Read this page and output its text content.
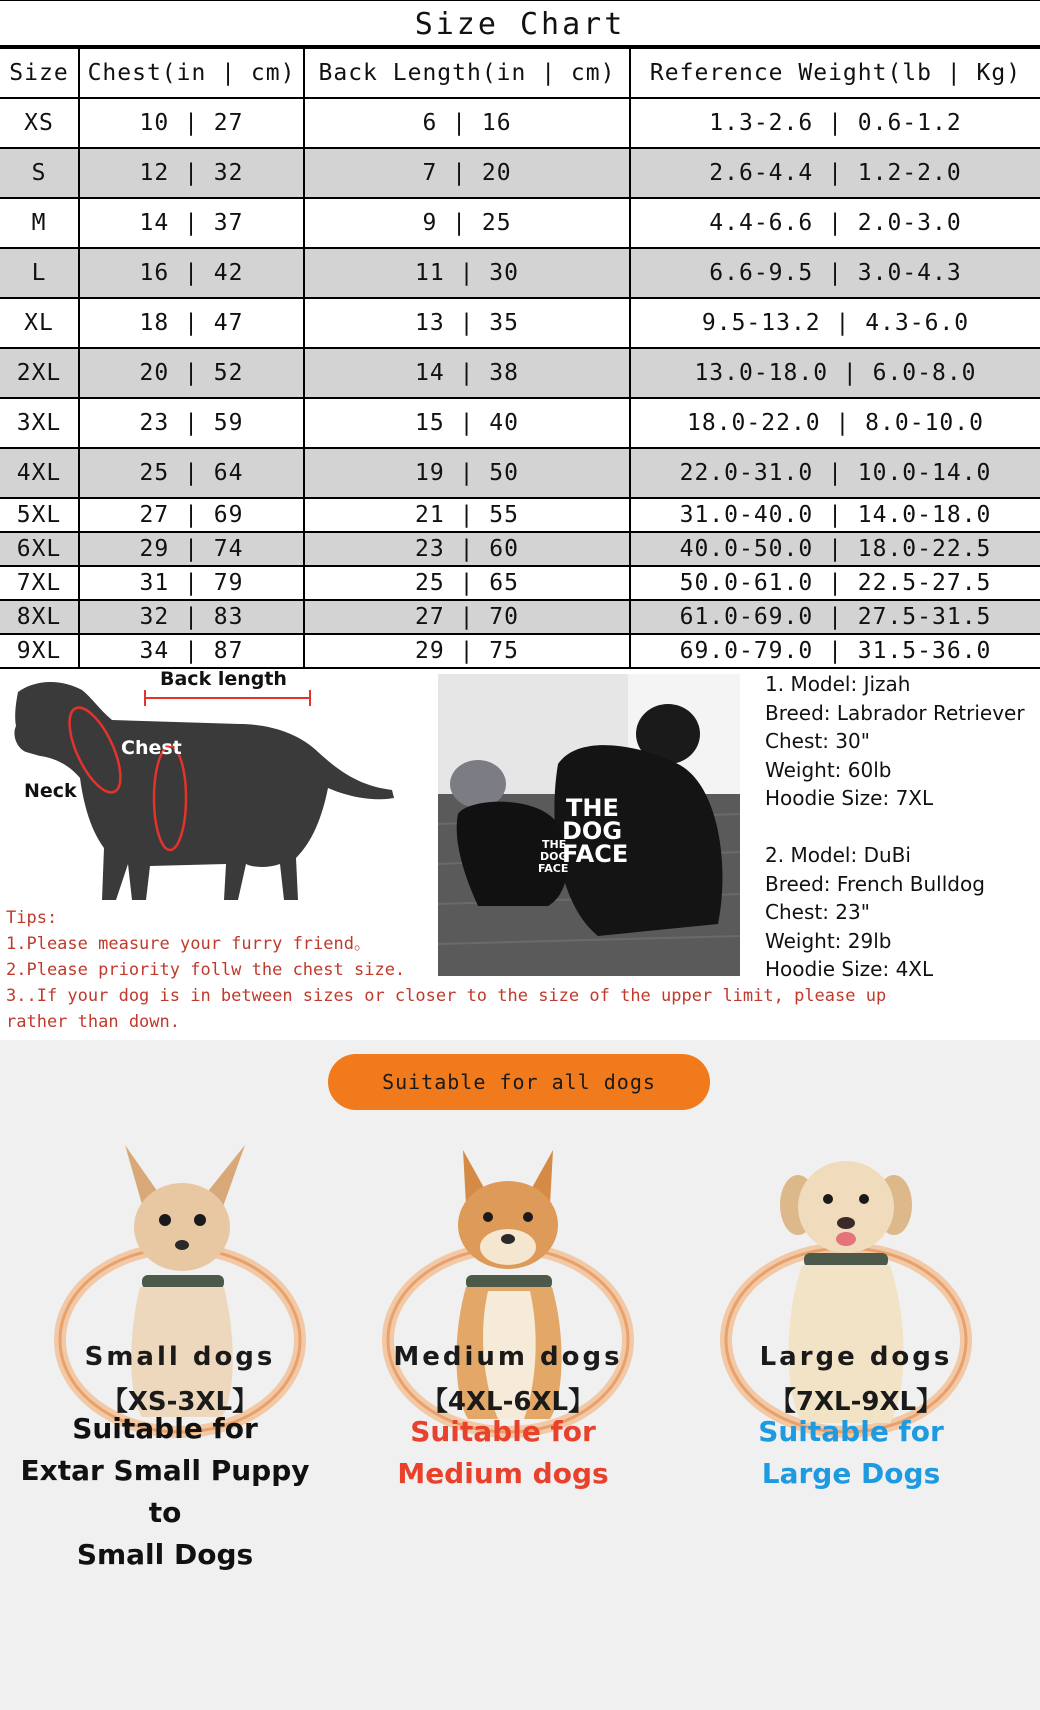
Size Chart
Size	Chest(in | cm)	Back Length(in | cm)	Reference Weight(lb | Kg)
XS	10 | 27	6 | 16	1.3-2.6 | 0.6-1.2
S	12 | 32	7 | 20	2.6-4.4 | 1.2-2.0
M	14 | 37	9 | 25	4.4-6.6 | 2.0-3.0
L	16 | 42	11 | 30	6.6-9.5 | 3.0-4.3
XL	18 | 47	13 | 35	9.5-13.2 | 4.3-6.0
2XL	20 | 52	14 | 38	13.0-18.0 | 6.0-8.0
3XL	23 | 59	15 | 40	18.0-22.0 | 8.0-10.0
4XL	25 | 64	19 | 50	22.0-31.0 | 10.0-14.0
5XL	27 | 69	21 | 55	31.0-40.0 | 14.0-18.0
6XL	29 | 74	23 | 60	40.0-50.0 | 18.0-22.5
7XL	31 | 79	25 | 65	50.0-61.0 | 22.5-27.5
8XL	32 | 83	27 | 70	61.0-69.0 | 27.5-31.5
9XL	34 | 87	29 | 75	69.0-79.0 | 31.5-36.0
Back length
Chest
Neck
THE
DOG
FACE
THE
DOG
FACE
1. Model: Jizah
Breed: Labrador Retriever
Chest: 30"
Weight: 60lb
Hoodie Size: 7XL
2. Model: DuBi
Breed: French Bulldog
Chest: 23"
Weight: 29lb
Hoodie Size: 4XL
Tips:
1.Please measure your furry friend。
2.Please priority follw the chest size.
3..If your dog is in between sizes or closer to the size of the upper limit, please up
rather than down.
Suitable for all dogs
Small dogs
【XS-3XL】
Suitable for
Extar Small Puppy
to
Small Dogs
Medium dogs
【4XL-6XL】
Suitable for
Medium dogs
Large dogs
【7XL-9XL】
Suitable for
Large Dogs
